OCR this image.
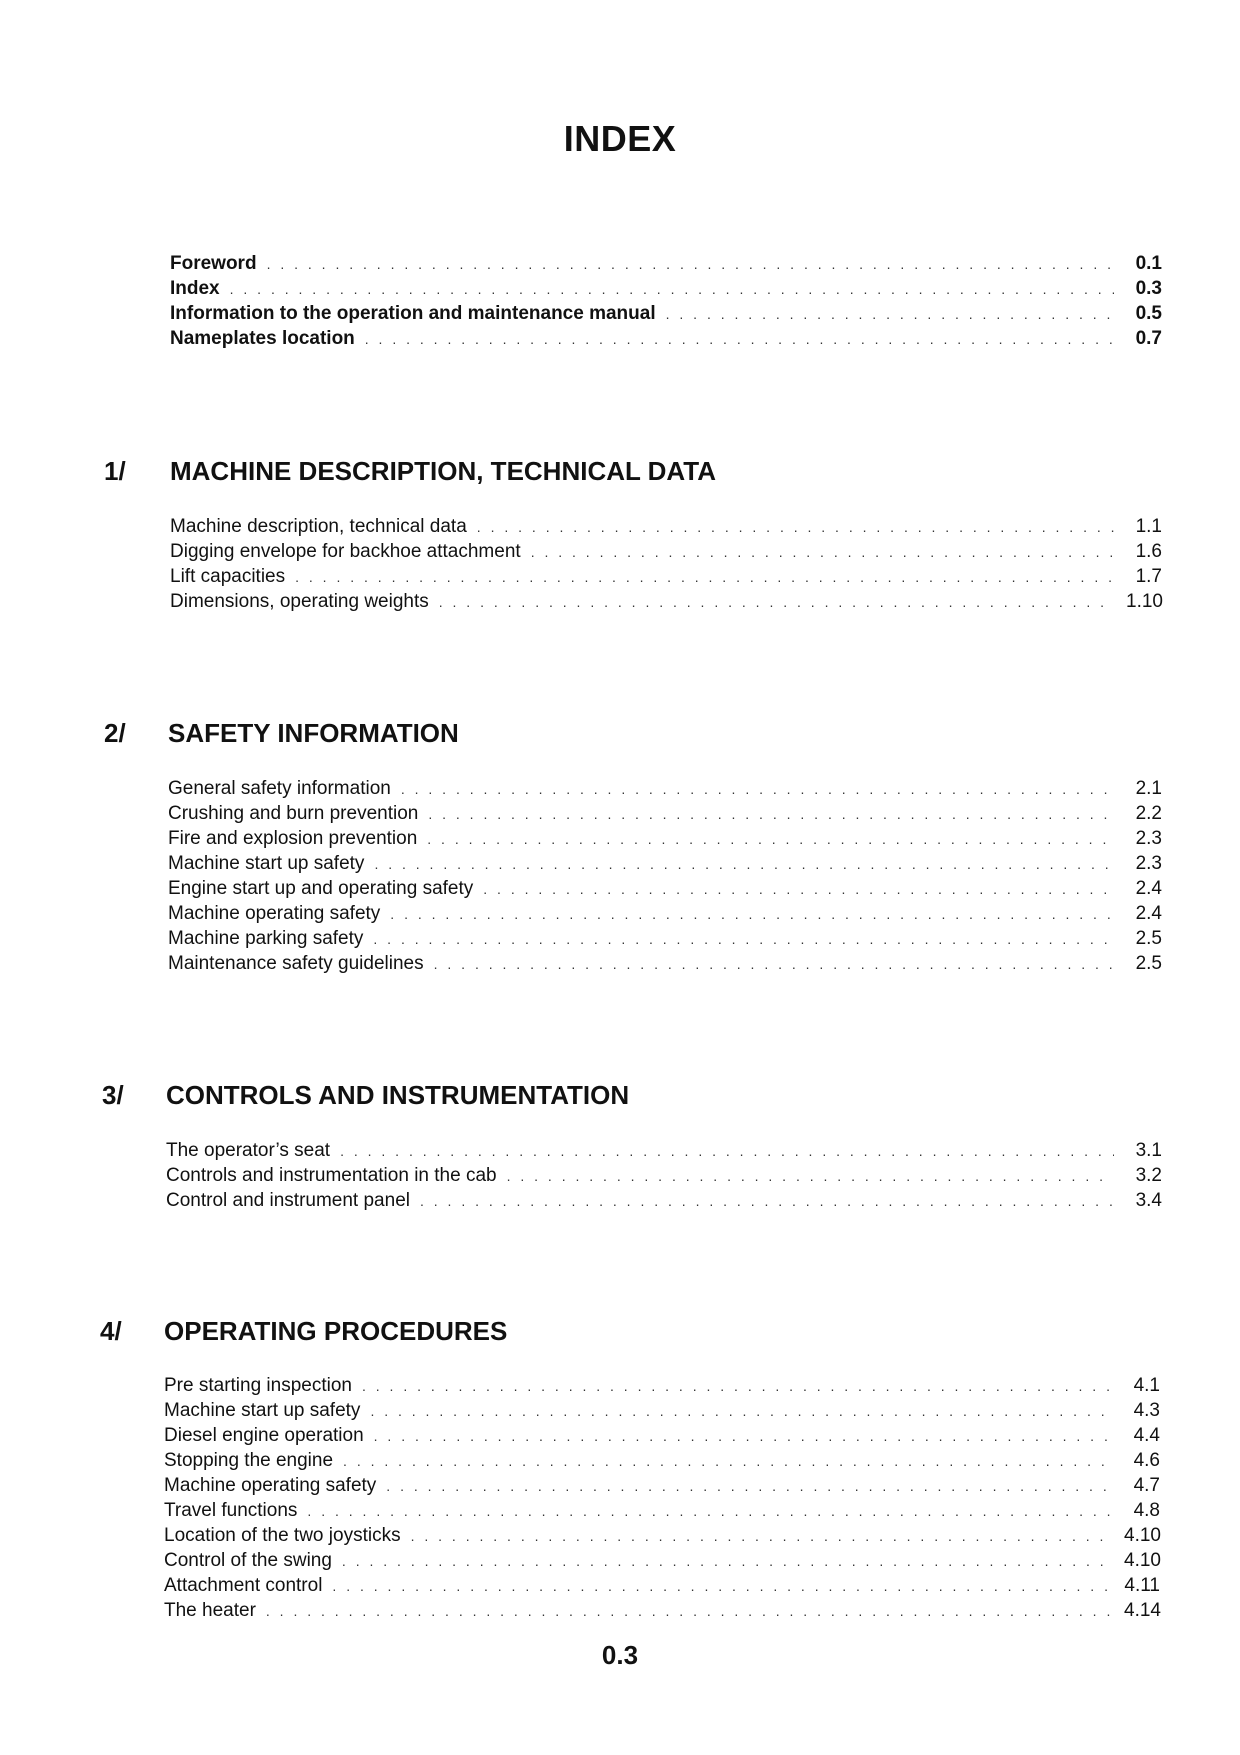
INDEX
Foreword . . .	0.1
Index . . .	0.3
Information to the operation and maintenance manual . . .	0.5
Nameplates location . . .	0.7
1/ MACHINE DESCRIPTION, TECHNICAL DATA
Machine description, technical data . . .	1.1
Digging envelope for backhoe attachment . . .	1.6
Lift capacities . . .	1.7
Dimensions, operating weights . . .	1.10
2/ SAFETY INFORMATION
General safety information . . .	2.1
Crushing and burn prevention . . .	2.2
Fire and explosion prevention . . .	2.3
Machine start up safety . . .	2.3
Engine start up and operating safety . . .	2.4
Machine operating safety . . .	2.4
Machine parking safety . . .	2.5
Maintenance safety guidelines . . .	2.5
3/ CONTROLS AND INSTRUMENTATION
The operator’s seat . . .	3.1
Controls and instrumentation in the cab . . .	3.2
Control and instrument panel . . .	3.4
4/ OPERATING PROCEDURES
Pre starting inspection . . .	4.1
Machine start up safety . . .	4.3
Diesel engine operation . . .	4.4
Stopping the engine . . .	4.6
Machine operating safety . . .	4.7
Travel functions . . .	4.8
Location of the two joysticks . . .	4.10
Control of the swing . . .	4.10
Attachment control . . .	4.11
The heater . . .	4.14
0.3
